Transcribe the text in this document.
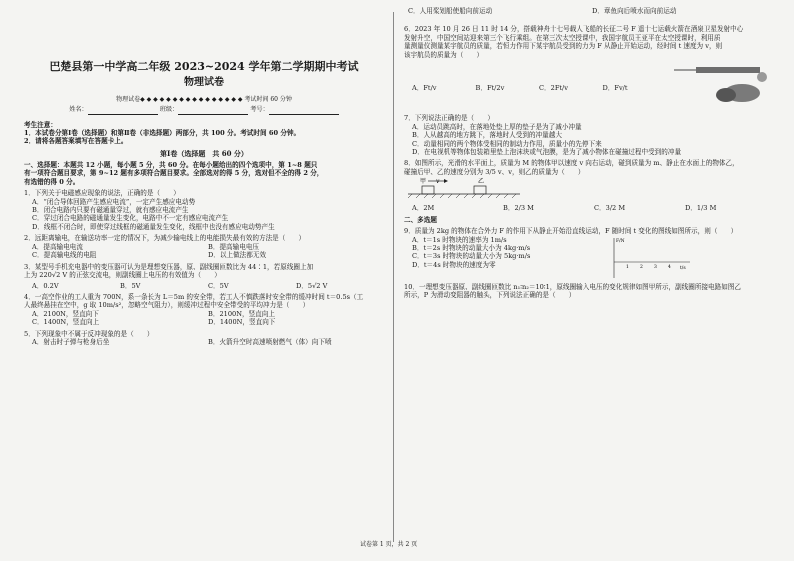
巴楚县第一中学高二年级 2023~2024 学年第二学期期中考试
物理试卷
物理试卷◆ ◆ ◆ ◆ ◆ ◆ ◆ ◆ ◆ ◆ ◆ ◆ ◆ ◆ ◆ ◆ 考试时间 60 分钟
姓名：	班级：	考号：
考生注意：
1．本试卷分第Ⅰ卷（选择题）和第Ⅱ卷（非选择题）两部分，共 100 分。考试时间 60 分钟。
2．请将各题答案填写在答题卡上。
第Ⅰ卷（选择题　共 60 分）
一、选择题：本题共 12 小题，每小题 5 分，共 60 分。在每小题给出的四个选项中，第 1~8 题只
有一项符合题目要求，第 9~12 题有多项符合题目要求。全部选对的得 5 分，选对但不全的得 2 分，
有选错的得 0 分。
1．下列关于电磁感应现象的说法，正确的是（　　）
A．“闭合导体回路产生感应电流”，一定产生感应电动势
B．闭合电路内只要有磁通量穿过，就有感应电流产生
C．穿过闭合电路的磁通量发生变化，电路中不一定有感应电流产生
D．线框不闭合时，即使穿过线框的磁通量发生变化，线框中也没有感应电动势产生
2．远距离输电，在输送功率一定的情况下，为减少输电线上的电能损失最有效的方法是（　　）
A．提高输电电流	B．提高输电电压
C．提高输电线的电阻	D．以上做法都无效
3．某型号手机充电器中的变压器可认为是理想变压器，原、副线圈匝数比为 44∶1，若原线圈上加
上为 220√2 V 的正弦交流电，则副线圈上电压的有效值为（　　）
A．0.2V	B．5V	C．5V	D．5√2 V
4．一高空作业的工人重为 700N，系一条长为 L＝5m 的安全带，若工人不慎跌落时安全带的缓冲时间 t＝0.5s（工
人最终悬挂在空中，g 取 10m/s²，忽略空气阻力），则缓冲过程中安全带受的平均冲力是（　　）
A．2100N，竖直向下	B．2100N，竖直向上
C．1400N，竖直向上	D．1400N，竖直向下
5．下列现象中不属于反冲现象的是（　　）
A．射击时子弹与枪身后坐	B．火箭升空时高速喷射燃气（体）向下喷
C．人用桨划船使船向前运动	D．章鱼向后喷水而向前运动
6．2023 年 10 月 26 日 11 时 14 分，搭载神舟十七号载人飞船的长征二号 F 遥十七运载火箭在酒泉卫星发射中心
发射升空，中国空间站迎来第三个飞行乘组。在第三次太空授课中，我国宇航员王亚平在太空授课时，利用质
量测量仪测量某宇航员的质量，若恒力作用下某宇航员受到的力为 F 从静止开始运动，经时间 t 速度为 v，则
该宇航员的质量为（　　）
A．Ft/v	B．Ft/2v	C．2Ft/v	D．Fv/t
7．下列说法正确的是（　　）
A．运动员跳高时，在落地处垫上厚的垫子是为了减小冲量
B．人从越高的地方跳下，落地时人受到的冲量越大
C．动量相同的两个物体受相同的制动力作用，质量小的先停下来
D．在电视机等物体包装箱里垫上泡沫块或气泡膜，是为了减小物体在碰撞过程中受到的冲量
8．如图所示，光滑的水平面上，质量为 M 的物体甲以速度 v 向右运动，碰到质量为 m、静止在水面上的物体乙，
碰撞后甲、乙的速度分别为 3/5 v、v，则乙的质量为（　　）
甲 v	乙
A．2M	B．2/3 M	C．3/2 M	D．1/3 M
二、多选题
9．质量为 2kg 的物体在合外力 F 的作用下从静止开始沿直线运动，F 随时间 t 变化的图线如图所示，则（　　）
A．t＝1s 时物块的速率为 1m/s
B．t＝2s 时物块的动量大小为 4kg·m/s
C．t＝3s 时物块的动量大小为 5kg·m/s
D．t＝4s 时物块的速度为零
F/N
t/s
1 2 3 4
10．一理想变压器原、副线圈匝数比 n₁∶n₂＝10∶1，原线圈输入电压的变化规律如图甲所示，副线圈所接电路如图乙
所示，P 为滑动变阻器的触头，下列说法正确的是（　　）
试卷第 1 页，共 2 页
